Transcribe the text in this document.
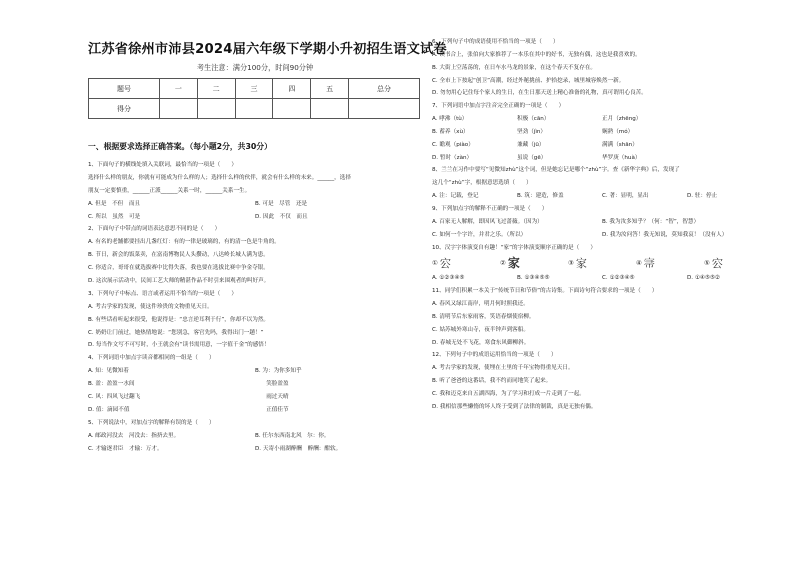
江苏省徐州市沛县2024届六年级下学期小升初招生语文试卷
考生注意：满分100分，时间90分钟
题号	一	二	三	四	五	总分
得分						
一、根据要求选择正确答案。（每小题2分，共30分）
1、下面句子的横线处填入关联词，最恰当的一项是（　　）
选择什么样的朋友，你就有可能成为什么样的人；选择什么样的伙伴，就会有什么样的未来。______，选择
朋友一定要慎重，______正派______关系一时，______关系一生。
A. 但是　不但　而且	B. 可是　尽管　还是
C. 所以　虽然　可是	D. 因此　不仅　而且
2、下面句子中带点的词语表达意思不同的是（　　）
A. 有名的老舗都要挂出几盏红灯：有的一律是玻璃的，有的清一色是牛角的。
B. 节日，新会的饭菜卖，在富南博物民人头攒动，八达岭长城人满为患。
C. 你适合，哥哥在就选拔赛中比得失落，我也要在选拔比赛中争金夺银。
D. 这次展示活动中，民间工艺大师的精湛作品不时引来围观者的叫好声。
3、下列句子中标点、语言或者运用不恰当的一项是（　　）
A. 考古学家的发现，使这件珍贵的文物重见天日。
B. 有些话看听起来很受，他说得是：“忠言逆耳利于行”，你却不以为然。
C. 奶奶让门前过，她热情地说：“您别急，客官先吗，我得出门一趟！”
D. 每当作文写不可写时，小王就会有“读书需用意，一字值千金”的感悟！
4、下列词语中加点字读音都相同的一组是（　　）
A. 知：见微知着	B. 为：为你多知乎
B. 盈：盈盈一水间	　　笑脸盈盈
C. 风：四风飞过翻飞	　　雨过天晴
D. 值：滴园不值	　　正值佳节
5、下列说法中，对加点字的解释有误的是（　　）
A. 邮政河没去　河没去：指挤去里。	B. 任尔东西南北风　尔：你。
C. 才输逐君臣　才输：万才。	D. 天寄小雨湖醉酬　醉酬：酣软。
6、下列句子中的成语使用不恰当的一项是（　　）
A. 读书合上，张伯向大家推荐了一本乐在其中的好书，无独有偶，这也是我喜欢的。
B. 大街上空荡荡的，在日车水马龙的景象，在这个春天不复存在。
C. 全市上下按起“创卫”高潮，经过外秘挑前、护拾挖录，城里城容焕然一新。
D. 勿勿用心记住每个家人的生日，在生日那天送上精心准备的礼物，真可谓用心良苦。
7、下列词语中加点字注音完全正确的一项是（　　）
A. 哮沸（tù）	积极（cān）	正月（zhēng）
B. 蓄养（xù）	坚劲（jìn）	娴熟（mó）
C. 瞻观（piào）	兼藏（jū）	满满（shān）
D. 暂时（zàn）	虽说（gē）	华罗庚（huà）
8、兰兰在习作中要写“见微知zhù”这个词，但是她忘记是哪个“zhù”字。查《新华字典》后，发现了
这几个“zhù”字，根据意思选填（　　）
A. 注：记载，登记	B. 筑：建造，修盖	C. 著：显明，显出	D. 驻：停止
9、下列加点字的解释不正确的一项是（　　）
A. 百家无人解解，即因风飞过蔷薇。（因为）	B. 我为汝多知乎？（何：“智”，智慧）
C. 如何一个字许，并君之乐。（所以）	D. 我为汝问答！我无知说，莫知我哀！（没有人）
10、汉字字体演变自有趣！“家”的字体演变顺序正确的是（　　）
① 㝐	② 家	③ 家	④ 𡨦	⑤ 㝐
A. ①②③④⑤	B. ①③④⑤⑤	C. ①②③④⑤	D. ①④⑤⑤②
11、同学们积累一本关于“传统节日和节俗”的古诗集。下面诗句符合要求的一项是（　　）
A. 春风又绿江南岸，明月何时照我还。
B. 清明节后东家雨客，笑语春烟使宿柳。
C. 姑苏城外寒山寺，夜半钟声到客船。
D. 春城无处不飞花，寒食东风御柳斜。
12、下列句子中的成语运用恰当的一项是（　　）
A. 考古学家的发现，使埋在土里的千年宝物得重见天日。
B. 听了爸爸的这番话，我不约而同地笑了起来。
C. 我和迈克来自五湖四海，为了学习和打成一片走到了一起。
D. 我相信那些懒惰的坏人终于受到了法律的制裁，真是无独有偶。
